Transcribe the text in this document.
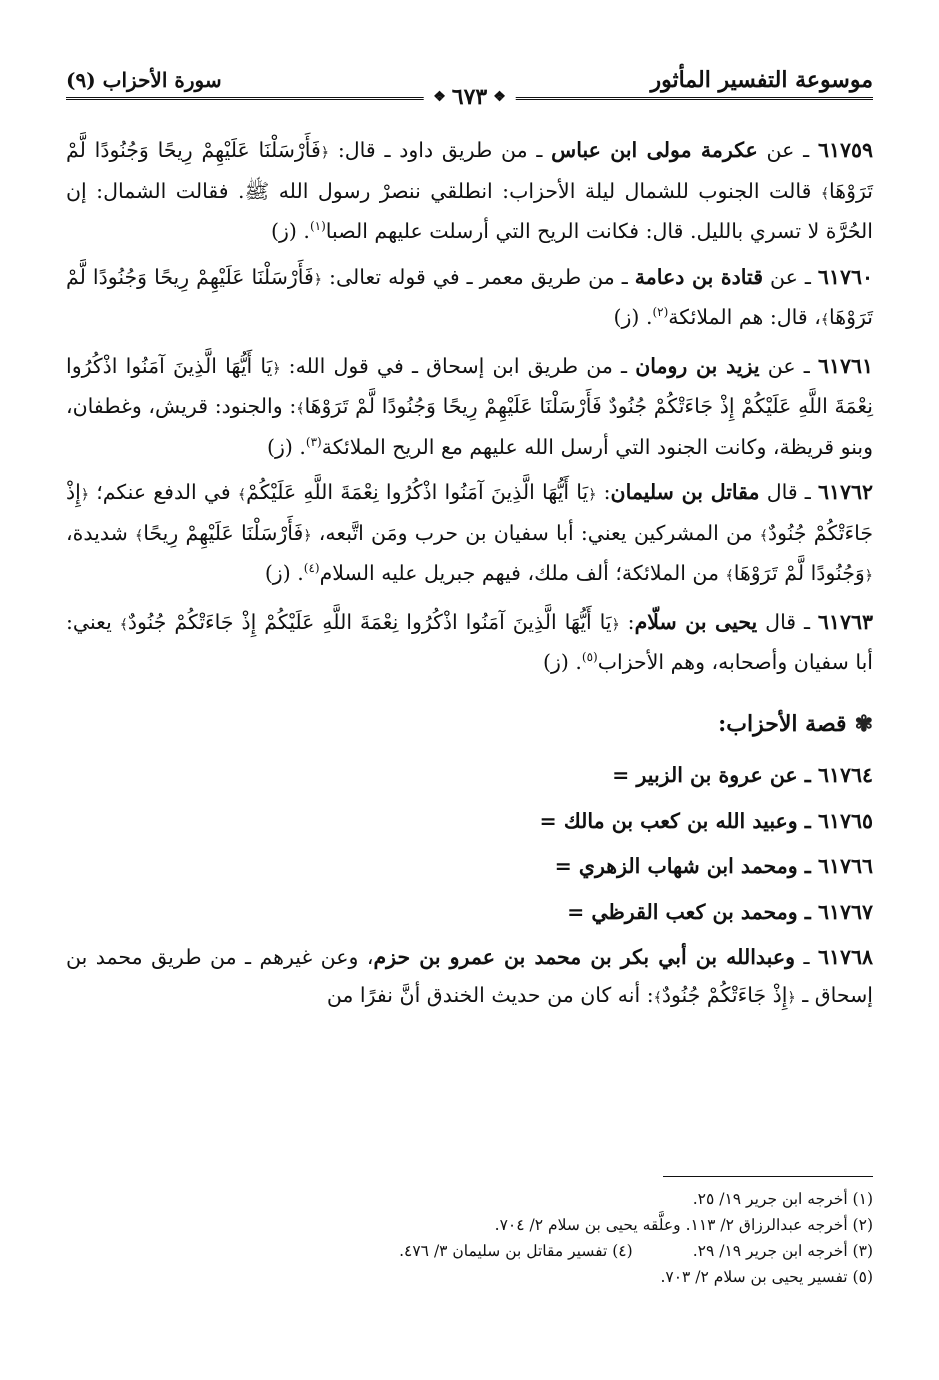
موسوعة التفسير المأثور
سورة الأحزاب (٩)
❖
٦٧٣
❖

٦١٧٥٩ ـ عن عكرمة مولى ابن عباس ـ من طريق داود ـ قال: ﴿ فَأَرْسَلْنَا عَلَيْهِمْ رِيحًا وَجُنُودًا لَّمْ تَرَوْهَا ﴾ قالت الجنوب للشمال ليلة الأحزاب: انطلقي ننصرْ رسول الله ﷺ. فقالت الشمال: إن الحُرَّة لا تسري بالليل. قال: فكانت الريح التي أرسلت عليهم الصبا$^{(١)}$. (ز)

٦١٧٦٠ ـ عن قتادة بن دعامة ـ من طريق معمر ـ في قوله تعالى: ﴿ فَأَرْسَلْنَا عَلَيْهِمْ رِيحًا وَجُنُودًا لَّمْ تَرَوْهَا ﴾، قال: هم الملائكة$^{(٢)}$. (ز)

٦١٧٦١ ـ عن يزيد بن رومان ـ من طريق ابن إسحاق ـ في قول الله: ﴿ يَا أَيُّهَا الَّذِينَ آمَنُوا اذْكُرُوا نِعْمَةَ اللَّهِ عَلَيْكُمْ إِذْ جَاءَتْكُمْ جُنُودٌ فَأَرْسَلْنَا عَلَيْهِمْ رِيحًا وَجُنُودًا لَّمْ تَرَوْهَا ﴾: والجنود: قريش، وغطفان، وبنو قريظة، وكانت الجنود التي أرسل الله عليهم مع الريح الملائكة$^{(٣)}$. (ز)

٦١٧٦٢ ـ قال مقاتل بن سليمان: ﴿ يَا أَيُّهَا الَّذِينَ آمَنُوا اذْكُرُوا نِعْمَةَ اللَّهِ عَلَيْكُمْ ﴾ في الدفع عنكم؛ ﴿ إِذْ جَاءَتْكُمْ جُنُودٌ ﴾ من المشركين يعني: أبا سفيان بن حرب ومَن اتَّبعه، ﴿ فَأَرْسَلْنَا عَلَيْهِمْ رِيحًا ﴾ شديدة، ﴿ وَجُنُودًا لَّمْ تَرَوْهَا ﴾ من الملائكة؛ ألف ملك، فيهم جبريل عليه السلام$^{(٤)}$. (ز)

٦١٧٦٣ ـ قال يحيى بن سلّام: ﴿ يَا أَيُّهَا الَّذِينَ آمَنُوا اذْكُرُوا نِعْمَةَ اللَّهِ عَلَيْكُمْ إِذْ جَاءَتْكُمْ جُنُودٌ ﴾ يعني: أبا سفيان وأصحابه، وهم الأحزاب$^{(٥)}$. (ز)

✾
قصة الأحزاب:

٦١٧٦٤ ـ عن عروة بن الزبير =

٦١٧٦٥ ـ وعبيد الله بن كعب بن مالك =

٦١٧٦٦ ـ ومحمد ابن شهاب الزهري =

٦١٧٦٧ ـ ومحمد بن كعب القرظي =

٦١٧٦٨ ـ وعبدالله بن أبي بكر بن محمد بن عمرو بن حزم، وعن غيرهم ـ من طريق محمد بن إسحاق ـ ﴿ إِذْ جَاءَتْكُمْ جُنُودٌ ﴾: أنه كان من حديث الخندق أنَّ نفرًا من

(١) أخرجه ابن جرير ١٩/ ٢٥.

(٢) أخرجه عبدالرزاق ٢/ ١١٣. وعلَّقه يحيى بن سلام ٢/ ٧٠٤.

(٣) أخرجه ابن جرير ١٩/ ٢٩.

(٤) تفسير مقاتل بن سليمان ٣/ ٤٧٦.

(٥) تفسير يحيى بن سلام ٢/ ٧٠٣.
